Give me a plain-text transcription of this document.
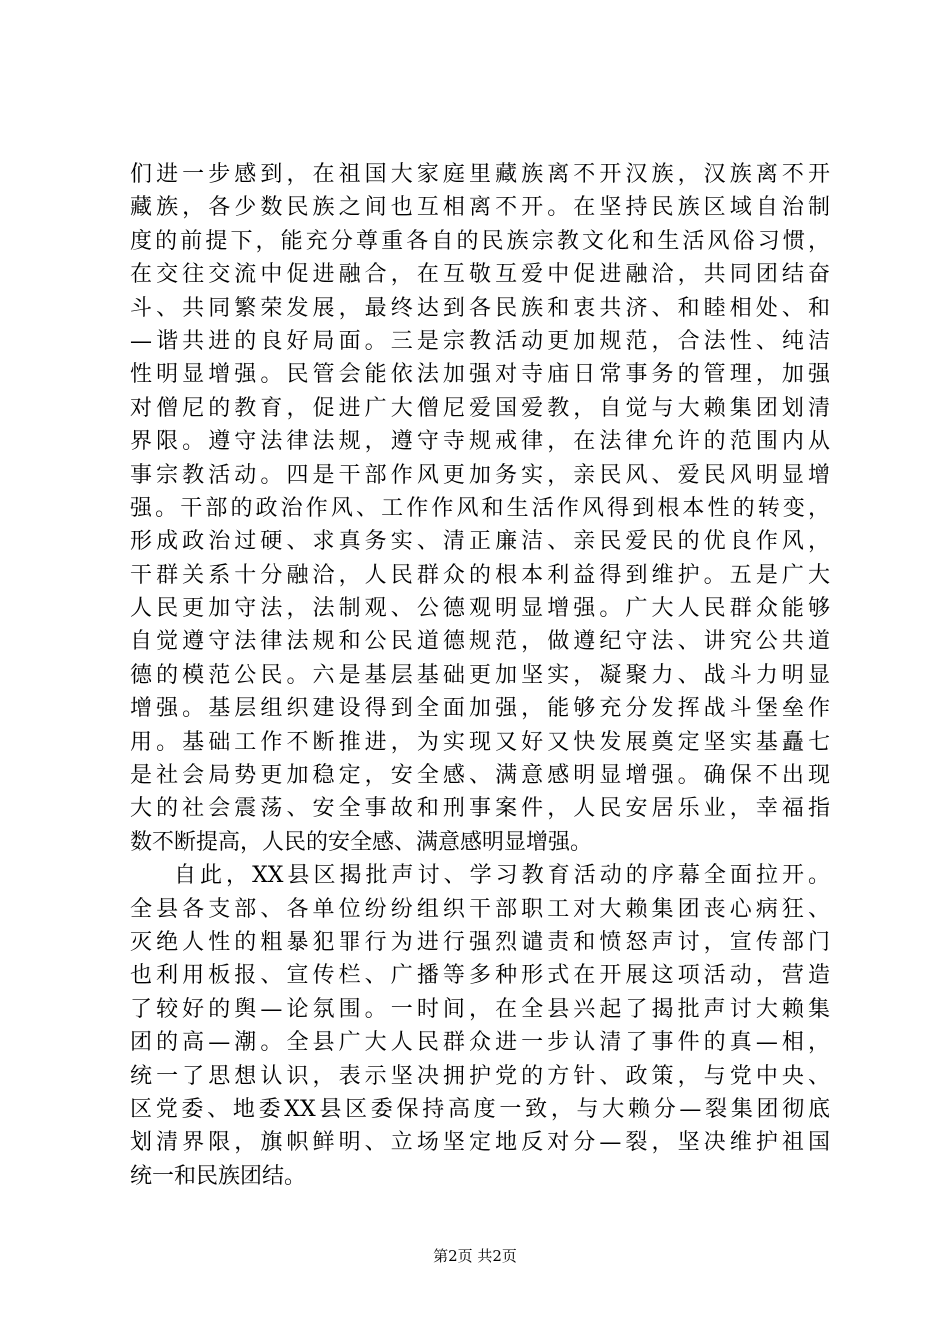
们进一步感到，在祖国大家庭里藏族离不开汉族，汉族离不开
藏族，各少数民族之间也互相离不开。在坚持民族区域自治制
度的前提下，能充分尊重各自的民族宗教文化和生活风俗习惯，
在交往交流中促进融合，在互敬互爱中促进融洽，共同团结奋
斗、共同繁荣发展，最终达到各民族和衷共济、和睦相处、和
—谐共进的良好局面。三是宗教活动更加规范，合法性、纯洁
性明显增强。民管会能依法加强对寺庙日常事务的管理，加强
对僧尼的教育，促进广大僧尼爱国爱教，自觉与大赖集团划清
界限。遵守法律法规，遵守寺规戒律，在法律允许的范围内从
事宗教活动。四是干部作风更加务实，亲民风、爱民风明显增
强。干部的政治作风、工作作风和生活作风得到根本性的转变，
形成政治过硬、求真务实、清正廉洁、亲民爱民的优良作风，
干群关系十分融洽，人民群众的根本利益得到维护。五是广大
人民更加守法，法制观、公德观明显增强。广大人民群众能够
自觉遵守法律法规和公民道德规范，做遵纪守法、讲究公共道
德的模范公民。六是基层基础更加坚实，凝聚力、战斗力明显
增强。基层组织建设得到全面加强，能够充分发挥战斗堡垒作
用。基础工作不断推进，为实现又好又快发展奠定坚实基矗七
是社会局势更加稳定，安全感、满意感明显增强。确保不出现
大的社会震荡、安全事故和刑事案件，人民安居乐业，幸福指
数不断提高，人民的安全感、满意感明显增强。
自此，XX县区揭批声讨、学习教育活动的序幕全面拉开。
全县各支部、各单位纷纷组织干部职工对大赖集团丧心病狂、
灭绝人性的粗暴犯罪行为进行强烈谴责和愤怒声讨，宣传部门
也利用板报、宣传栏、广播等多种形式在开展这项活动，营造
了较好的舆—论氛围。一时间，在全县兴起了揭批声讨大赖集
团的高—潮。全县广大人民群众进一步认清了事件的真—相，
统一了思想认识，表示坚决拥护党的方针、政策，与党中央、
区党委、地委XX县区委保持高度一致，与大赖分—裂集团彻底
划清界限，旗帜鲜明、立场坚定地反对分—裂，坚决维护祖国
统一和民族团结。
第2页 共2页
